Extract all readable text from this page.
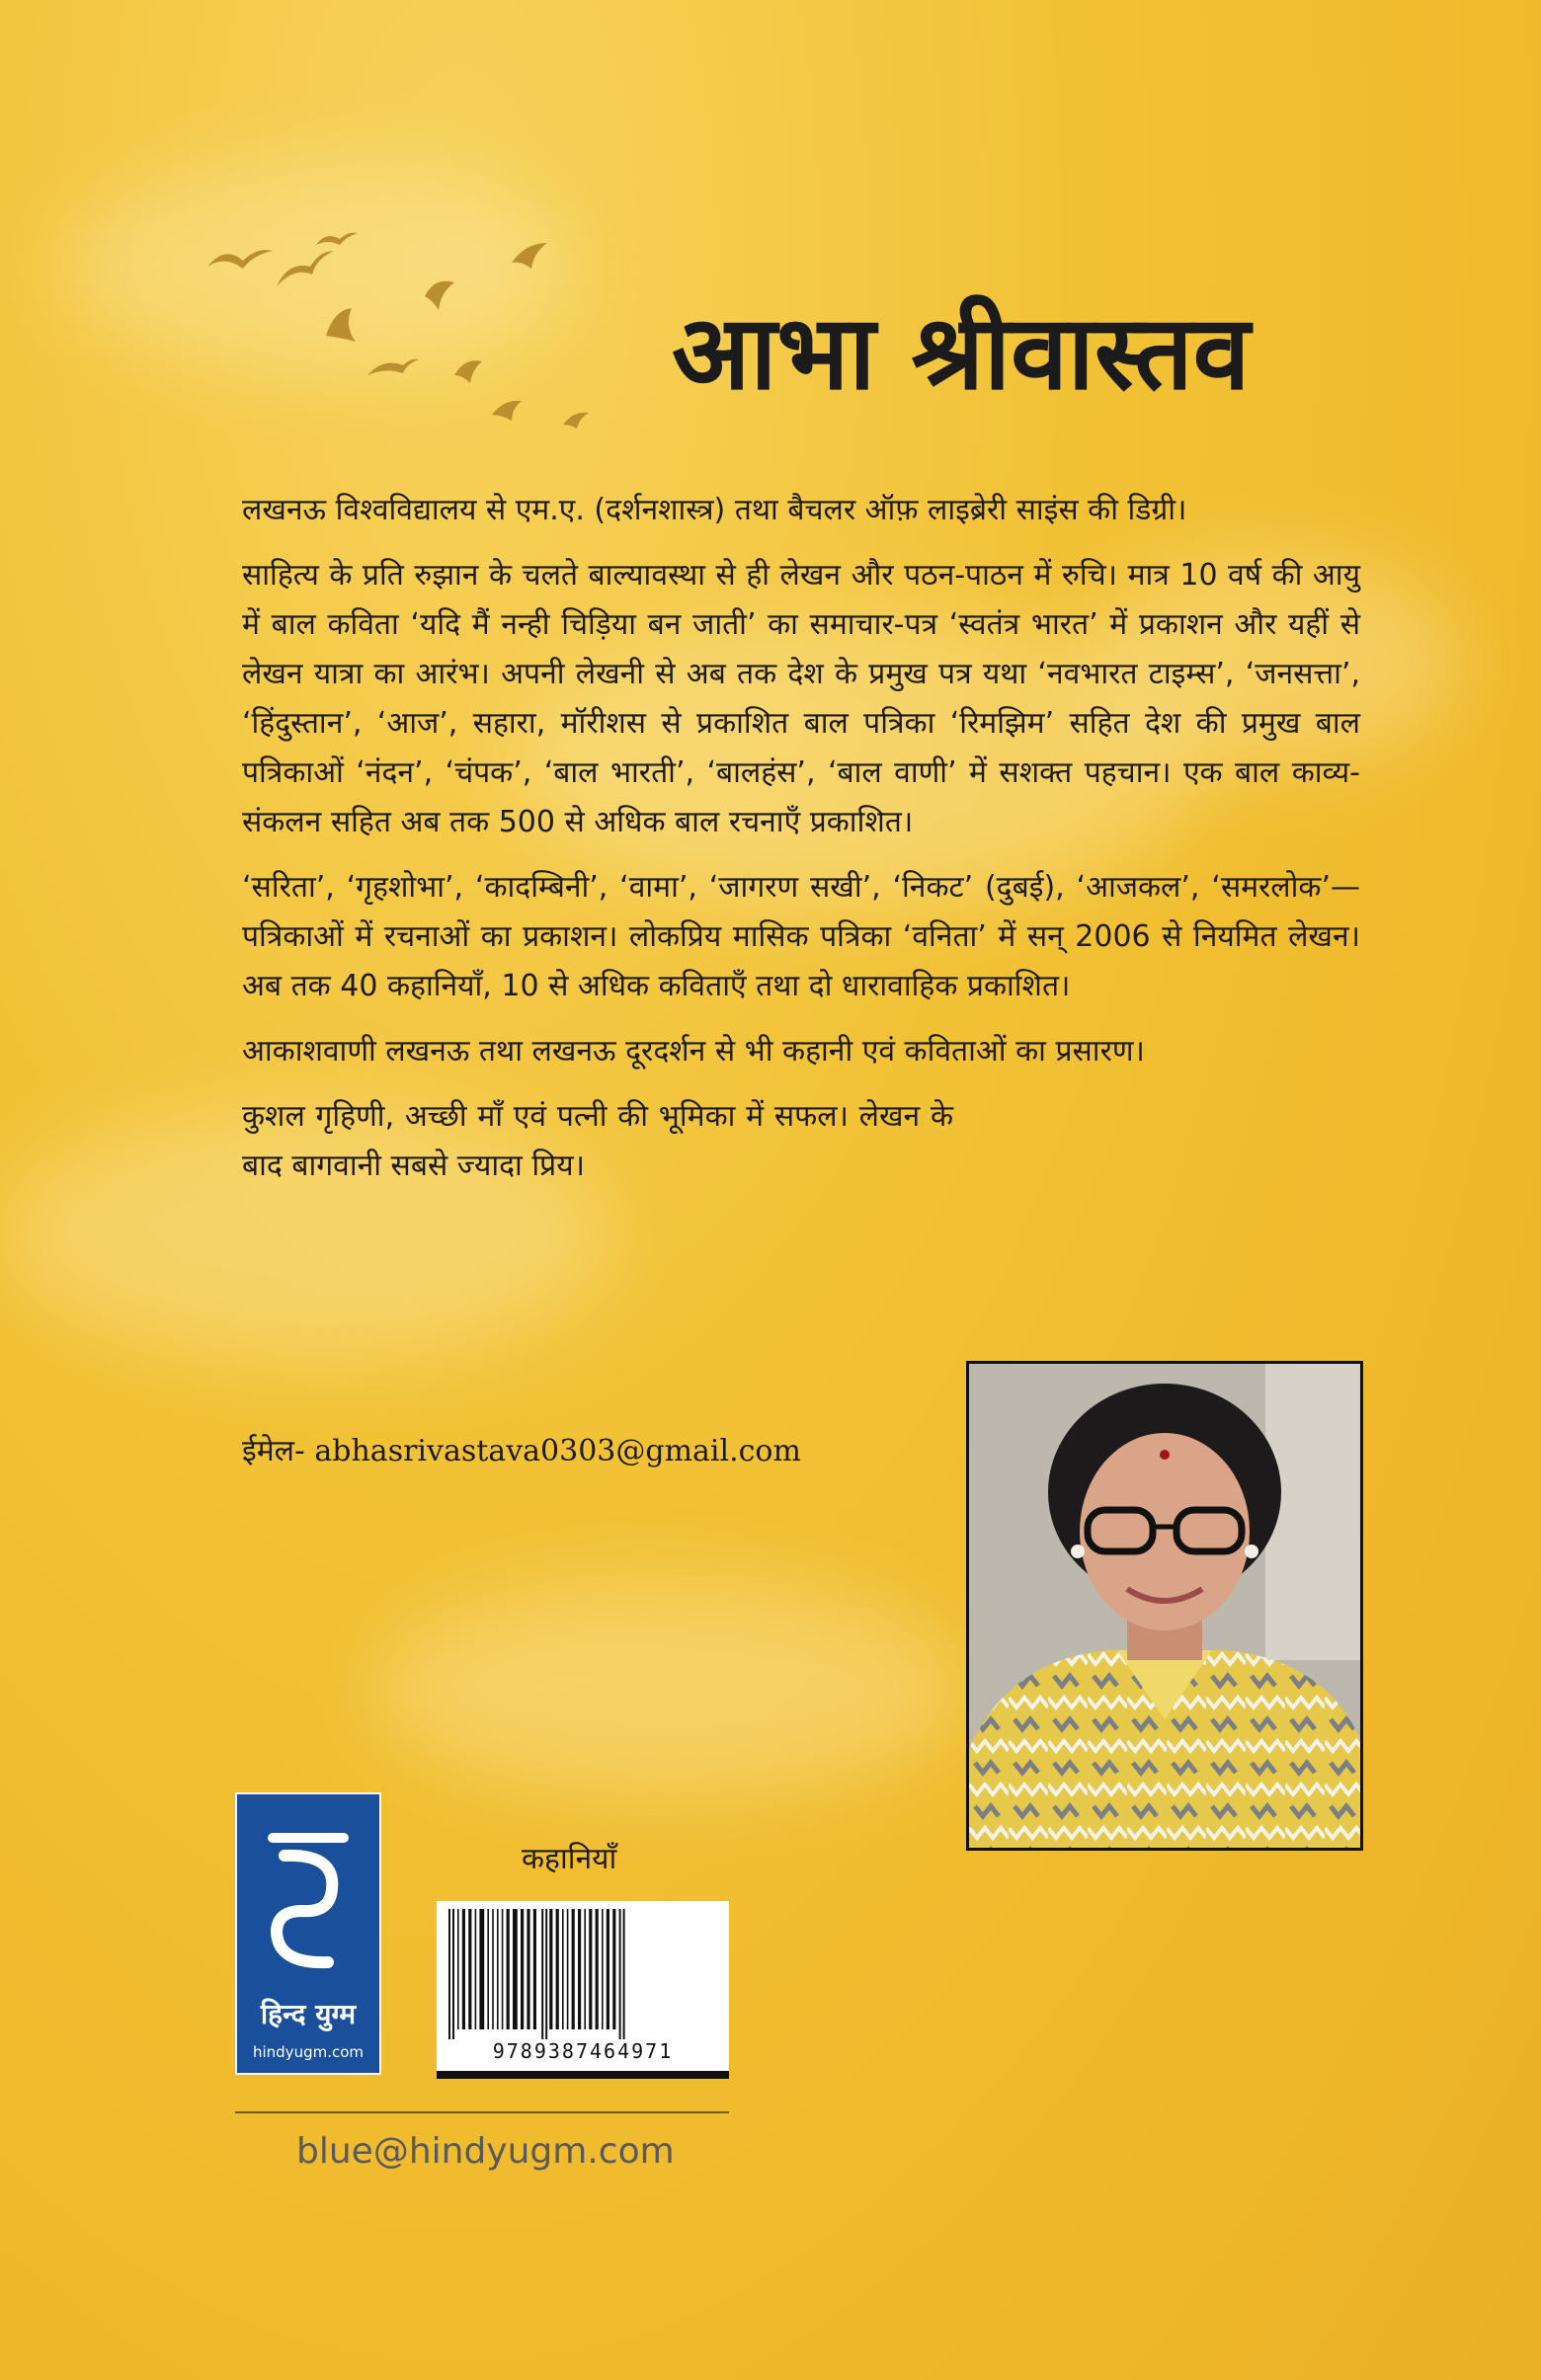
आभा श्रीवास्तव

लखनऊ विश्वविद्यालय से एम.ए. (दर्शनशास्त्र) तथा बैचलर ऑफ़ लाइब्रेरी साइंस की डिग्री।

साहित्य के प्रति रुझान के चलते बाल्यावस्था से ही लेखन और पठन-पाठन में रुचि। मात्र 10 वर्ष की आयु में बाल कविता ‘यदि मैं नन्ही चिड़िया बन जाती’ का समाचार-पत्र ‘स्वतंत्र भारत’ में प्रकाशन और यहीं से लेखन यात्रा का आरंभ। अपनी लेखनी से अब तक देश के प्रमुख पत्र यथा ‘नवभारत टाइम्स’, ‘जनसत्ता’, ‘हिंदुस्तान’, ‘आज’, सहारा, मॉरीशस से प्रकाशित बाल पत्रिका ‘रिमझिम’ सहित देश की प्रमुख बाल पत्रिकाओं ‘नंदन’, ‘चंपक’, ‘बाल भारती’, ‘बालहंस’, ‘बाल वाणी’ में सशक्त पहचान। एक बाल काव्य-संकलन सहित अब तक 500 से अधिक बाल रचनाएँ प्रकाशित।

‘सरिता’, ‘गृहशोभा’, ‘कादम्बिनी’, ‘वामा’, ‘जागरण सखी’, ‘निकट’ (दुबई), ‘आजकल’, ‘समरलोक’— पत्रिकाओं में रचनाओं का प्रकाशन। लोकप्रिय मासिक पत्रिका ‘वनिता’ में सन् 2006 से नियमित लेखन। अब तक 40 कहानियाँ, 10 से अधिक कविताएँ तथा दो धारावाहिक प्रकाशित।

आकाशवाणी लखनऊ तथा लखनऊ दूरदर्शन से भी कहानी एवं कविताओं का प्रसारण।

कुशल गृहिणी, अच्छी माँ एवं पत्नी की भूमिका में सफल। लेखन के बाद बागवानी सबसे ज्यादा प्रिय।

ईमेल- abhasrivastava0303@gmail.com
हिन्द युग्म
hindyugm.com
कहानियाँ
9789387464971
blue@hindyugm.com
